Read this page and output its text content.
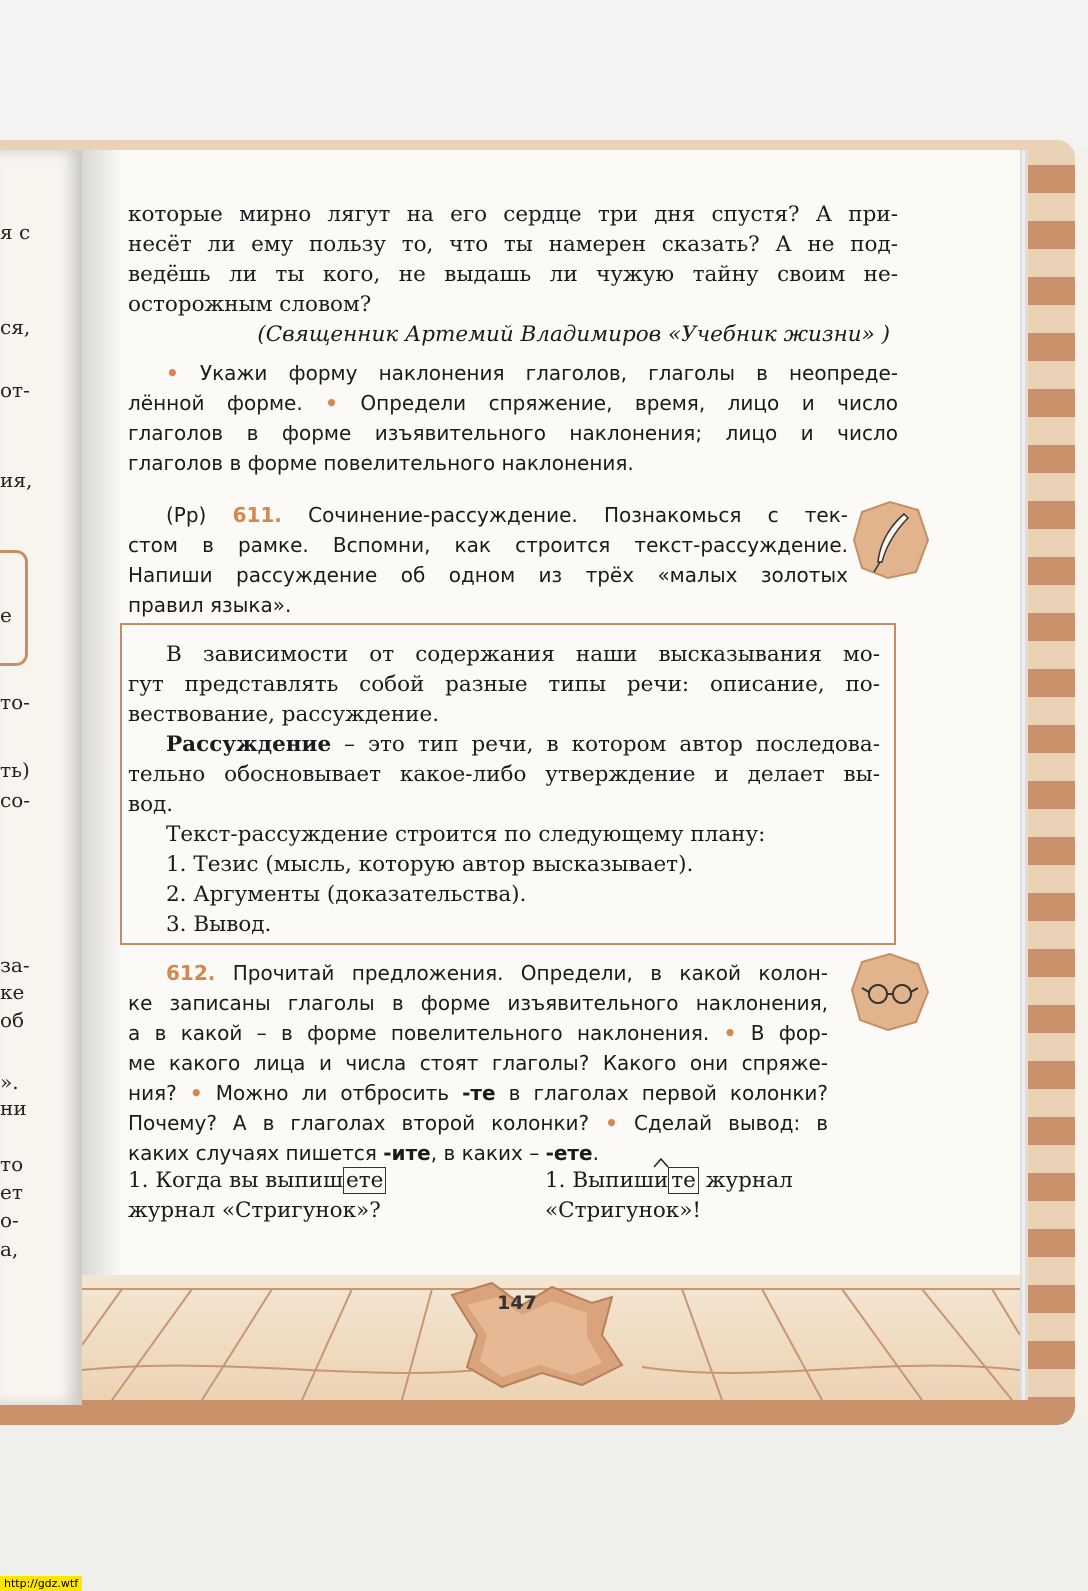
я с
ся,
от-
ия,
е
то-
ть)
со-
за-
ке
об
».
ни
то
ет
о-
а,
147
которые мирно лягут на его сердце три дня спустя? А при-
несёт ли ему пользу то, что ты намерен сказать? А не под-
ведёшь ли ты кого, не выдашь ли чужую тайну своим не-
осторожным словом?
(Священник Артемий Владимиров «Учебник жизни» )
• Укажи форму наклонения глаголов, глаголы в неопреде-
лённой форме. • Определи спряжение, время, лицо и число
глаголов в форме изъявительного наклонения; лицо и число
глаголов в форме повелительного наклонения.
(Рр) 611. Сочинение-рассуждение. Познакомься с тек-
стом в рамке. Вспомни, как строится текст-рассуждение.
Напиши рассуждение об одном из трёх «малых золотых
правил языка».
В зависимости от содержания наши высказывания мо-
гут представлять собой разные типы речи: описание, по-
вествование, рассуждение.
Рассуждение – это тип речи, в котором автор последова-
тельно обосновывает какое-либо утверждение и делает вы-
вод.
Текст-рассуждение строится по следующему плану:
1. Тезис (мысль, которую автор высказывает).
2. Аргументы (доказательства).
3. Вывод.
612. Прочитай предложения. Определи, в какой колон-
ке записаны глаголы в форме изъявительного наклонения,
а в какой – в форме повелительного наклонения. • В фор-
ме какого лица и числа стоят глаголы? Какого они спряже-
ния? • Можно ли отбросить -те в глаголах первой колонки?
Почему? А в глаголах второй колонки? • Сделай вывод: в
каких случаях пишется -ите, в каких – -ете.
1. Когда вы выпиш ете
журнал «Стригунок»?
1. Выпиш
и те журнал
«Стригунок»!
http://gdz.wtf
